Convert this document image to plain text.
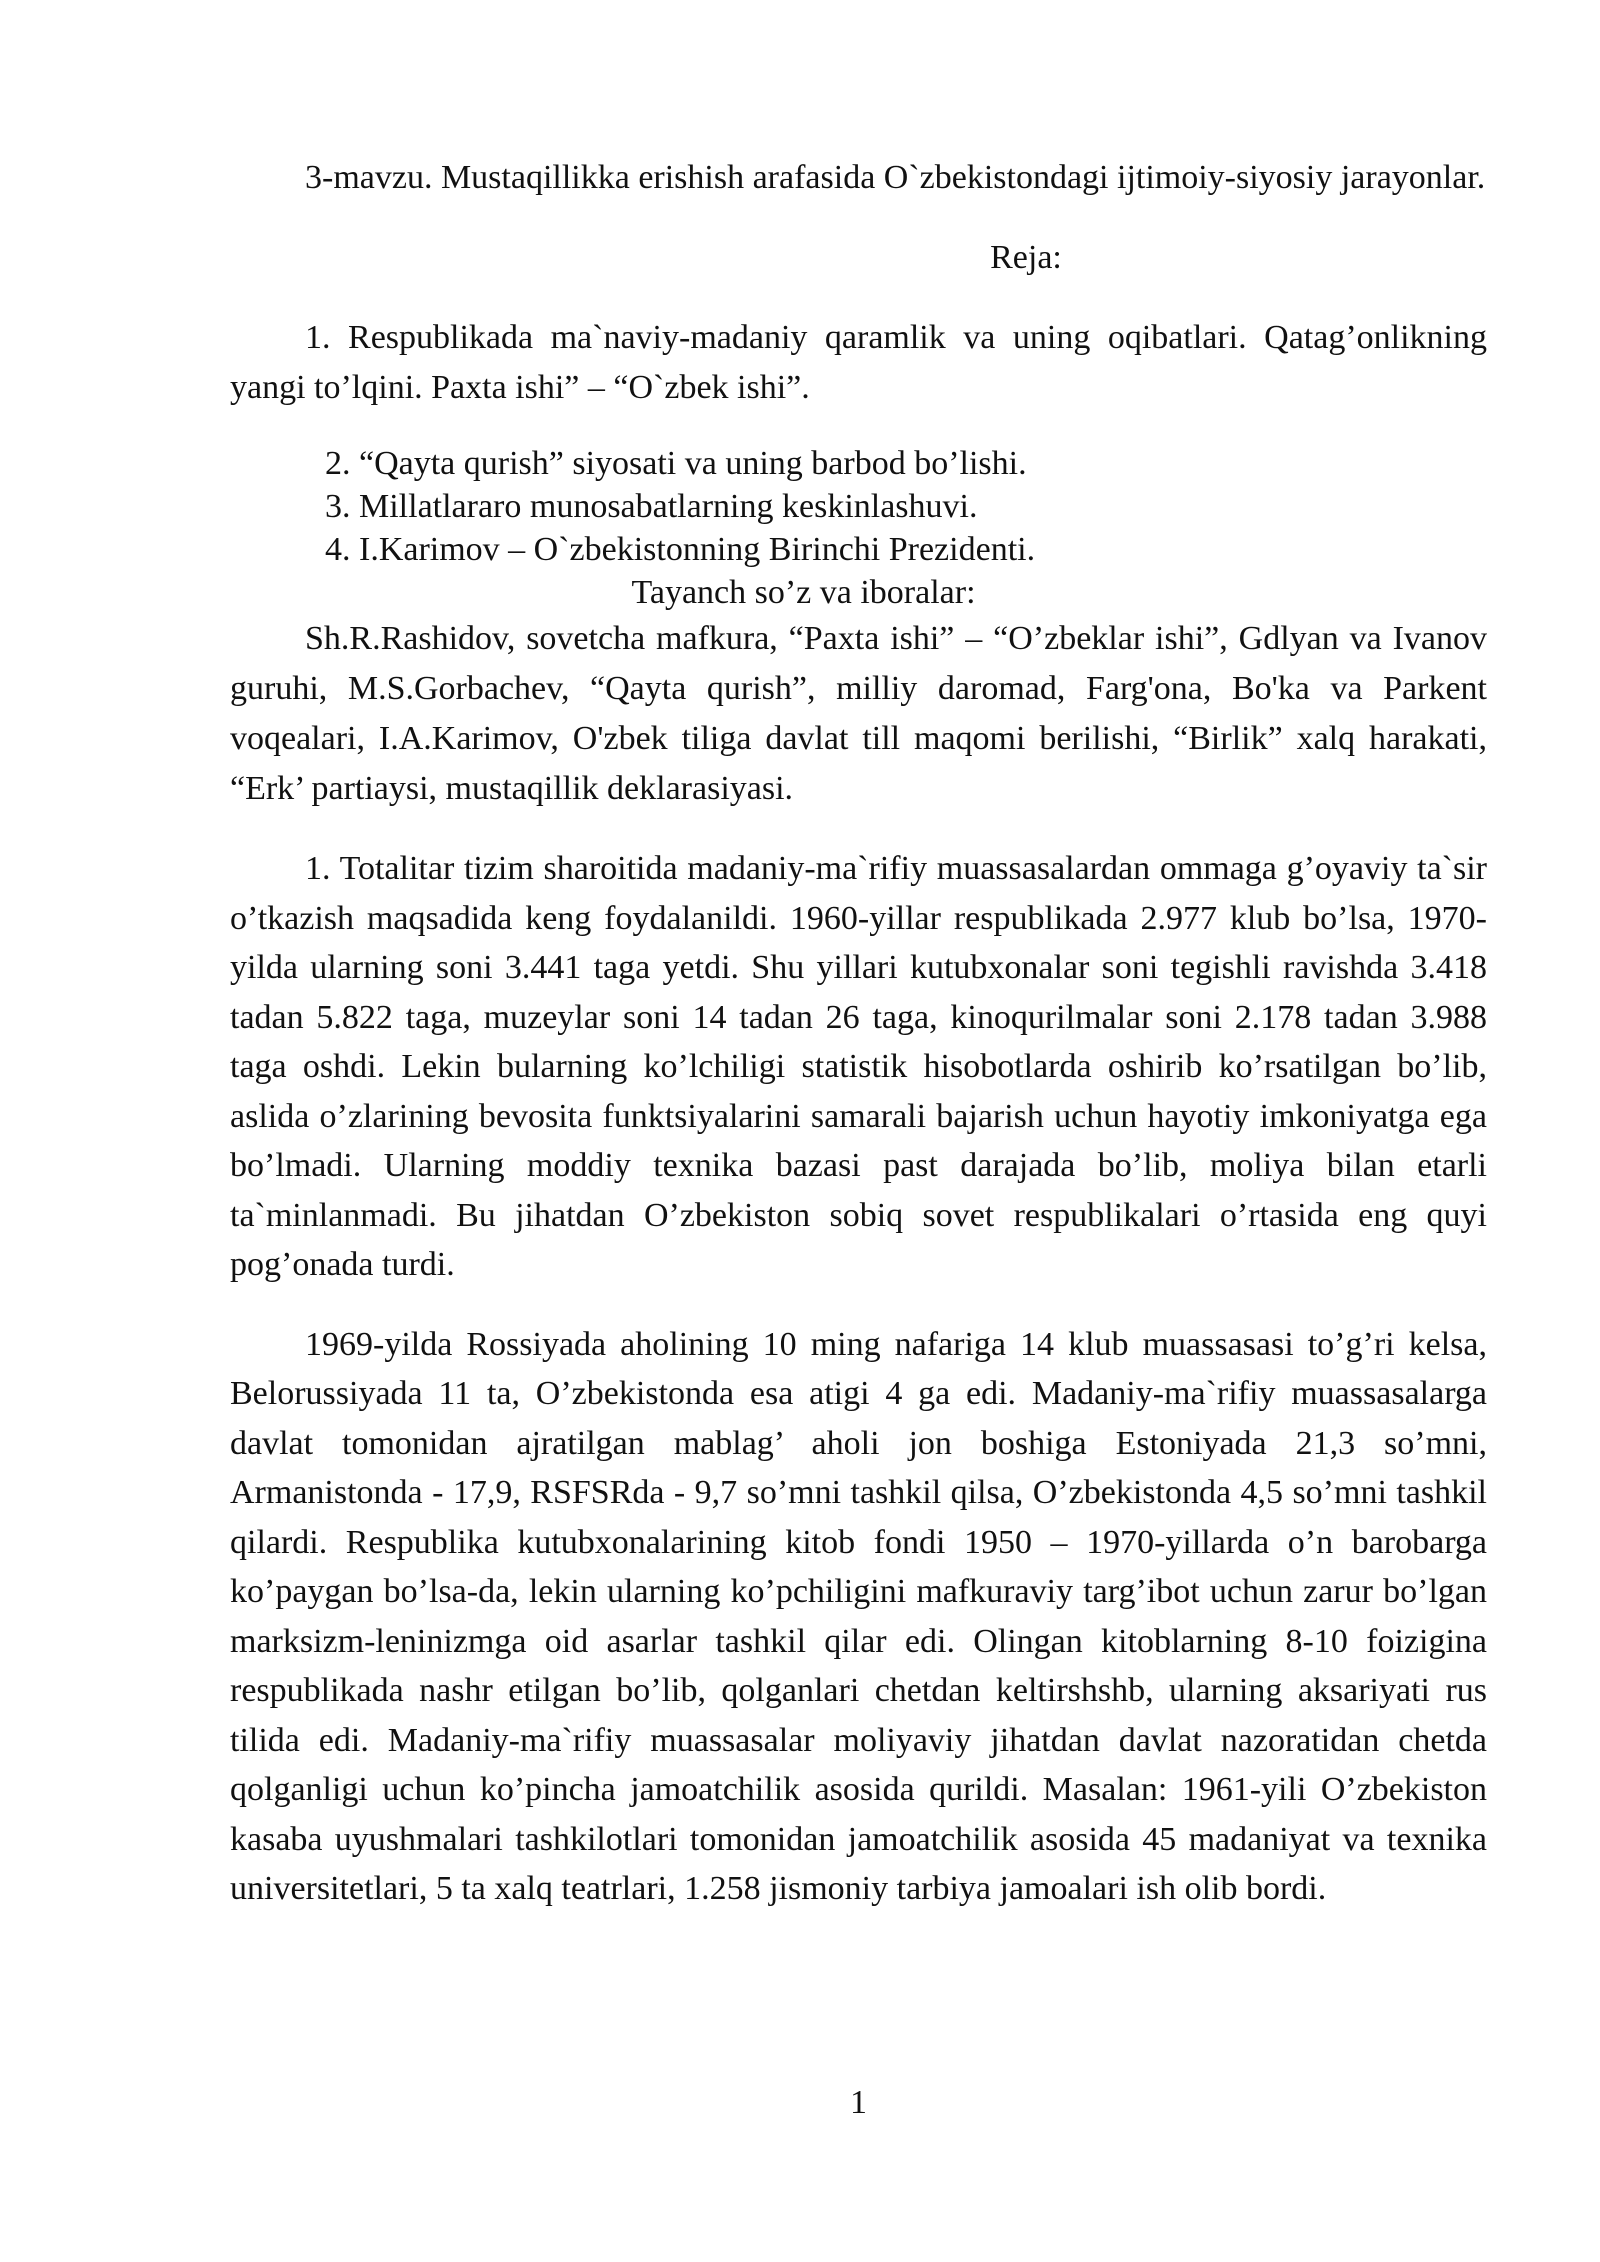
3-mavzu. Mustaqillikka erishish arafasida O`zbekistondagi ijtimoiy-siyosiy jarayonlar.

Reja:

1. Respublikada ma`naviy-madaniy qaramlik va uning oqibatlari. Qatag’onlikning yangi to’lqini. Paxta ishi” – “O`zbek ishi”.

2. “Qayta qurish” siyosati va uning barbod bo’lishi.

3. Millatlararo munosabatlarning keskinlashuvi.

4. I.Karimov – O`zbekistonning Birinchi Prezidenti.

Tayanch so’z va iboralar:

Sh.R.Rashidov, sovetcha mafkura, “Paxta ishi” – “O’zbeklar ishi”, Gdlyan va Ivanov guruhi, M.S.Gorbachev, “Qayta qurish”, milliy daromad, Farg'ona, Bo'ka va Parkent voqealari, I.A.Karimov, O'zbek tiliga davlat till maqomi berilishi, “Birlik” xalq harakati, “Erk’ partiaysi, mustaqillik deklarasiyasi.

1. Totalitar tizim sharoitida madaniy-ma`rifiy muassasalardan ommaga g’oyaviy ta`sir o’tkazish maqsadida keng foydalanildi. 1960-yillar respublikada 2.977 klub bo’lsa, 1970-yilda ularning soni 3.441 taga yetdi. Shu yillari kutubxonalar soni tegishli ravishda 3.418 tadan 5.822 taga, muzeylar soni 14 tadan 26 taga, kinoqurilmalar soni 2.178 tadan 3.988 taga oshdi. Lekin bularning ko’lchiligi statistik hisobotlarda oshirib ko’rsatilgan bo’lib, aslida o’zlarining bevosita funktsiyalarini samarali bajarish uchun hayotiy imkoniyatga ega bo’lmadi. Ularning moddiy texnika bazasi past darajada bo’lib, moliya bilan etarli ta`minlanmadi. Bu jihatdan O’zbekiston sobiq sovet respublikalari o’rtasida eng quyi pog’onada turdi.

1969-yilda Rossiyada aholining 10 ming nafariga 14 klub muassasasi to’g’ri kelsa, Belorussiyada 11 ta, O’zbekistonda esa atigi 4 ga edi. Madaniy-ma`rifiy muassasalarga davlat tomonidan ajratilgan mablag’ aholi jon boshiga Estoniyada 21,3 so’mni, Armanistonda - 17,9, RSFSRda - 9,7 so’mni tashkil qilsa, O’zbekistonda 4,5 so’mni tashkil qilardi. Respublika kutubxonalarining kitob fondi 1950 – 1970-yillarda o’n barobarga ko’paygan bo’lsa-da, lekin ularning ko’pchiligini mafkuraviy targ’ibot uchun zarur bo’lgan marksizm-leninizmga oid asarlar tashkil qilar edi. Olingan kitoblarning 8-10 foizigina respublikada nashr etilgan bo’lib, qolganlari chetdan keltirshshb, ularning aksariyati rus tilida edi. Madaniy-ma`rifiy muassasalar moliyaviy jihatdan davlat nazoratidan chetda qolganligi uchun ko’pincha jamoatchilik asosida qurildi. Masalan: 1961-yili O’zbekiston kasaba uyushmalari tashkilotlari tomonidan jamoatchilik asosida 45 madaniyat va texnika universitetlari, 5 ta xalq teatrlari, 1.258 jismoniy tarbiya jamoalari ish olib bordi.

1
